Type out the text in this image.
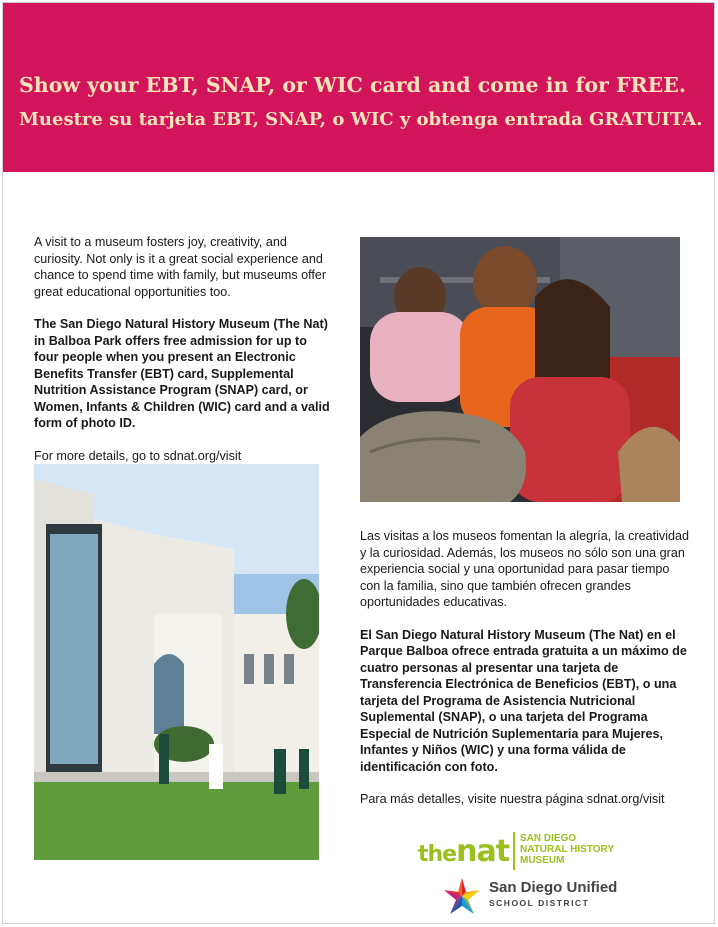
Show your EBT, SNAP, or WIC card and come in for FREE.
Muestre su tarjeta EBT, SNAP, o WIC y obtenga entrada GRATUITA.

A visit to a museum fosters joy, creativity, and curiosity. Not only is it a great social experience and chance to spend time with family, but museums offer great educational opportunities too.

The San Diego Natural History Museum (The Nat) in Balboa Park offers free admission for up to four people when you present an Electronic Benefits Transfer (EBT) card, Supplemental Nutrition Assistance Program (SNAP) card, or Women, Infants & Children (WIC) card and a valid form of photo ID.

For more details, go to sdnat.org/visit

Las visitas a los museos fomentan la alegría, la creatividad y la curiosidad. Además, los museos no sólo son una gran experiencia social y una oportunidad para pasar tiempo con la familia, sino que también ofrecen grandes oportunidades educativas.

El San Diego Natural History Museum (The Nat) en el Parque Balboa ofrece entrada gratuita a un máximo de cuatro personas al presentar una tarjeta de Transferencia Electrónica de Beneficios (EBT), o una tarjeta del Programa de Asistencia Nutricional Suplemental (SNAP), o una tarjeta del Programa Especial de Nutrición Suplementaria para Mujeres, Infantes y Niños (WIC) y una forma válida de identificación con foto.

Para más detalles, visite nuestra página sdnat.org/visit

thenat SAN DIEGO
NATURAL HISTORY
MUSEUM
San Diego Unified
SCHOOL DISTRICT
